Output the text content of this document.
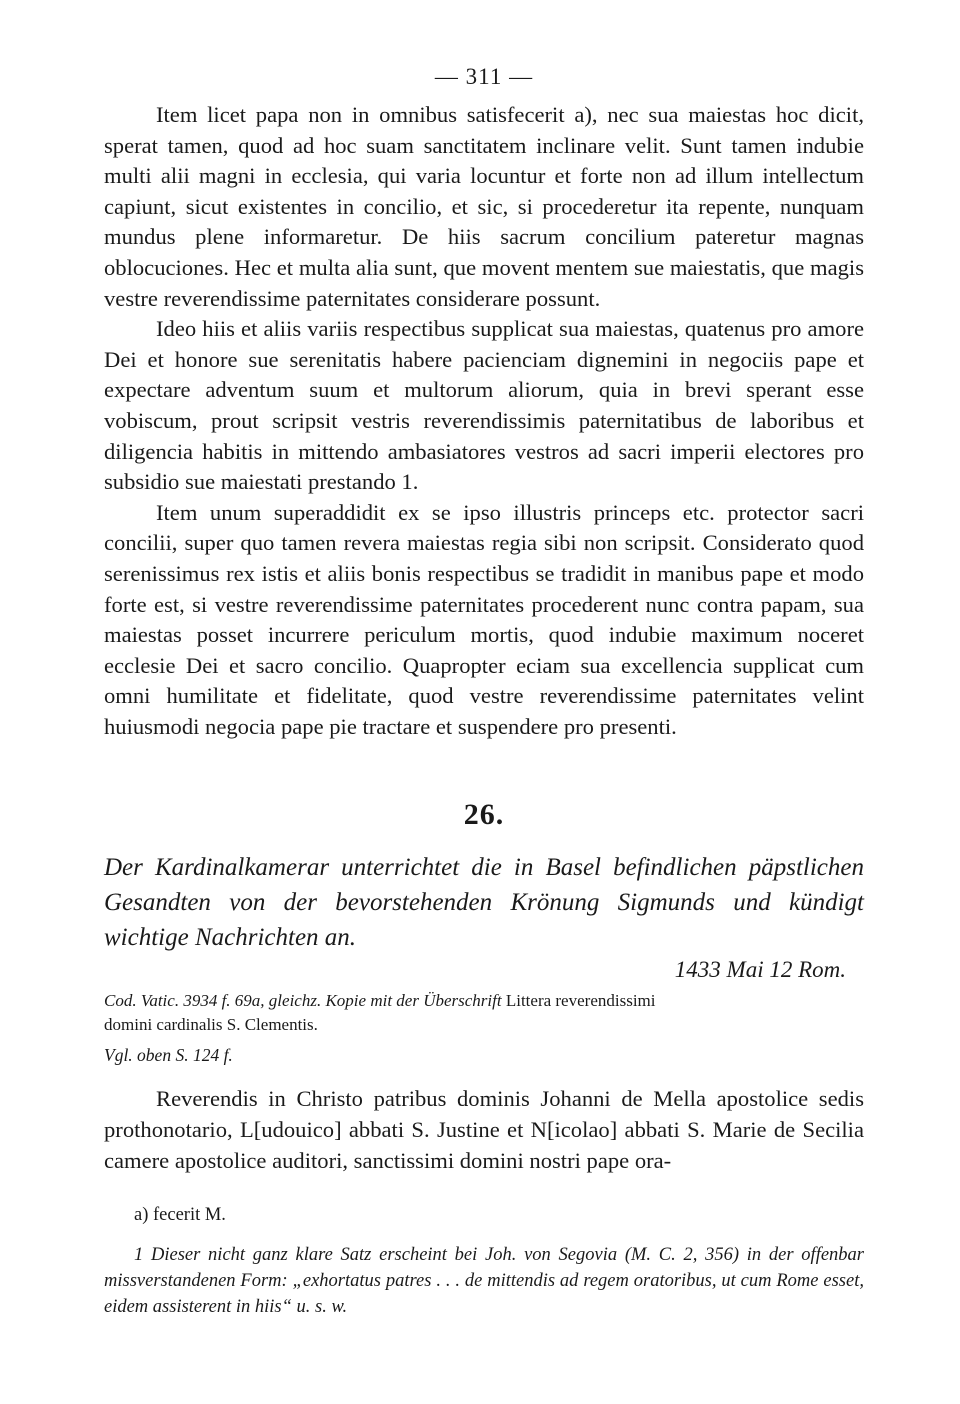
— 311 —

Item licet papa non in omnibus satisfecerit a), nec sua maiestas hoc dicit, sperat tamen, quod ad hoc suam sanctitatem inclinare velit. Sunt tamen indubie multi alii magni in ecclesia, qui varia locuntur et forte non ad illum intellectum capiunt, sicut existentes in concilio, et sic, si procederetur ita repente, nunquam mundus plene informaretur. De hiis sacrum concilium pateretur magnas oblocuciones. Hec et multa alia sunt, que movent mentem sue maiestatis, que magis vestre reverendissime paternitates considerare possunt.

Ideo hiis et aliis variis respectibus supplicat sua maiestas, quatenus pro amore Dei et honore sue serenitatis habere pacienciam dignemini in negociis pape et expectare adventum suum et multorum aliorum, quia in brevi sperant esse vobiscum, prout scripsit vestris reverendissimis paternitatibus de laboribus et diligencia habitis in mittendo ambasiatores vestros ad sacri imperii electores pro subsidio sue maiestati prestando 1.

Item unum superaddidit ex se ipso illustris princeps etc. protector sacri concilii, super quo tamen revera maiestas regia sibi non scripsit. Considerato quod serenissimus rex istis et aliis bonis respectibus se tradidit in manibus pape et modo forte est, si vestre reverendissime paternitates procederent nunc contra papam, sua maiestas posset incurrere periculum mortis, quod indubie maximum noceret ecclesie Dei et sacro concilio. Quapropter eciam sua excellencia supplicat cum omni humilitate et fidelitate, quod vestre reverendissime paternitates velint huiusmodi negocia pape pie tractare et suspendere pro presenti.

26.
Der Kardinalkamerar unterrichtet die in Basel befindlichen päpstlichen Gesandten von der bevorstehenden Krönung Sigmunds und kündigt wichtige Nachrichten an.
1433 Mai 12 Rom.
Cod. Vatic. 3934 f. 69a, gleichz. Kopie mit der Überschrift Littera reverendissimi
domini cardinalis S. Clementis.
Vgl. oben S. 124 f.
Reverendis in Christo patribus dominis Johanni de Mella apostolice sedis prothonotario, L[udouico] abbati S. Justine et N[icolao] abbati S. Marie de Secilia camere apostolice auditori, sanctissimi domini nostri pape ora-
a) fecerit M.
1 Dieser nicht ganz klare Satz erscheint bei Joh. von Segovia (M. C. 2, 356) in der offenbar missverstandenen Form: „exhortatus patres . . . de mittendis ad regem oratoribus, ut cum Rome esset, eidem assisterent in hiis“ u. s. w.
